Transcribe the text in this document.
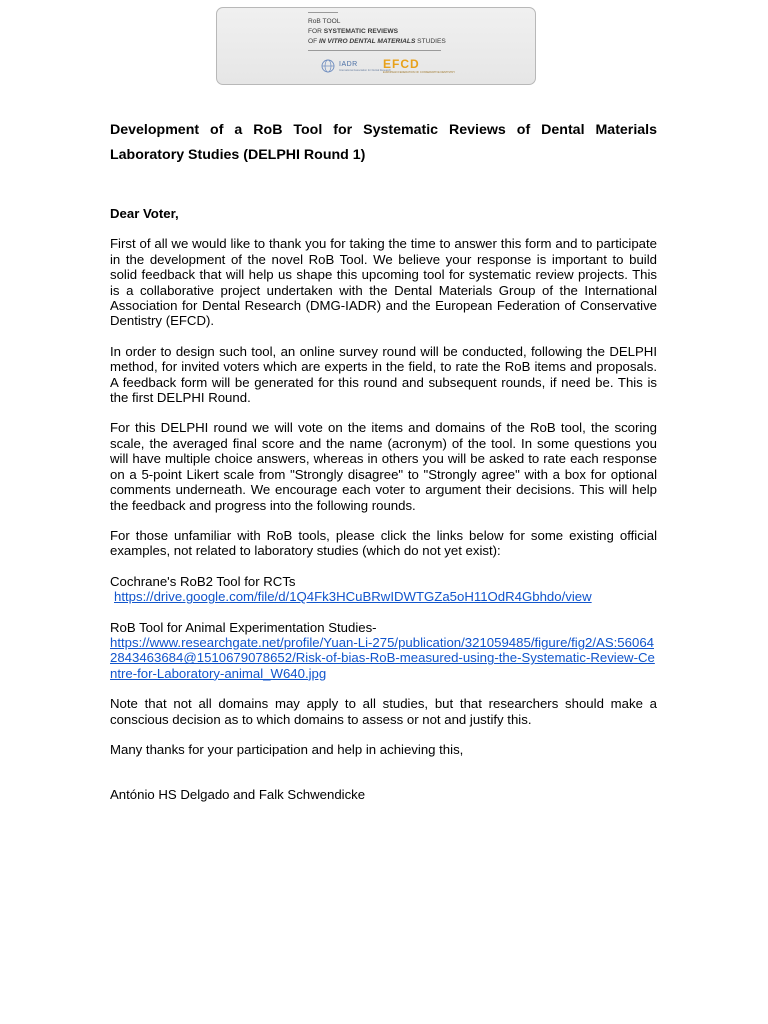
RoB TOOL
FOR SYSTEMATIC REVIEWS
OF IN VITRO DENTAL MATERIALS STUDIES
IADR
International Association for Dental Research
EFCD
EUROPEAN FEDERATION OF CONSERVATIVE DENTISTRY
Development of a RoB Tool for Systematic Reviews of Dental Materials Laboratory Studies (DELPHI Round 1)

Dear Voter,

First of all we would like to thank you for taking the time to answer this form and to participate in the development of the novel RoB Tool. We believe your response is important to build solid feedback that will help us shape this upcoming tool for systematic review projects. This is a collaborative project undertaken with the Dental Materials Group of the International Association for Dental Research (DMG-IADR) and the European Federation of Conservative Dentistry (EFCD).

In order to design such tool, an online survey round will be conducted, following the DELPHI method, for invited voters which are experts in the field, to rate the RoB items and proposals. A feedback form will be generated for this round and subsequent rounds, if need be. This is the first DELPHI Round.

For this DELPHI round we will vote on the items and domains of the RoB tool, the scoring scale, the averaged final score and the name (acronym) of the tool. In some questions you will have multiple choice answers, whereas in others you will be asked to rate each response on a 5-point Likert scale from "Strongly disagree" to "Strongly agree" with a box for optional comments underneath. We encourage each voter to argument their decisions. This will help the feedback and progress into the following rounds.

For those unfamiliar with RoB tools, please click the links below for some existing official examples, not related to laboratory studies (which do not yet exist):

Cochrane's RoB2 Tool for RCTs
https://drive.google.com/file/d/1Q4Fk3HCuBRwIDWTGZa5oH11OdR4Gbhdo/view
RoB Tool for Animal Experimentation Studies-
https://www.researchgate.net/profile/Yuan-Li-275/publication/321059485/figure/fig2/AS:560642843463684@1510679078652/Risk-of-bias-RoB-measured-using-the-Systematic-Review-Centre-for-Laboratory-animal_W640.jpg

Note that not all domains may apply to all studies, but that researchers should make a conscious decision as to which domains to assess or not and justify this.

Many thanks for your participation and help in achieving this,

António HS Delgado and Falk Schwendicke
